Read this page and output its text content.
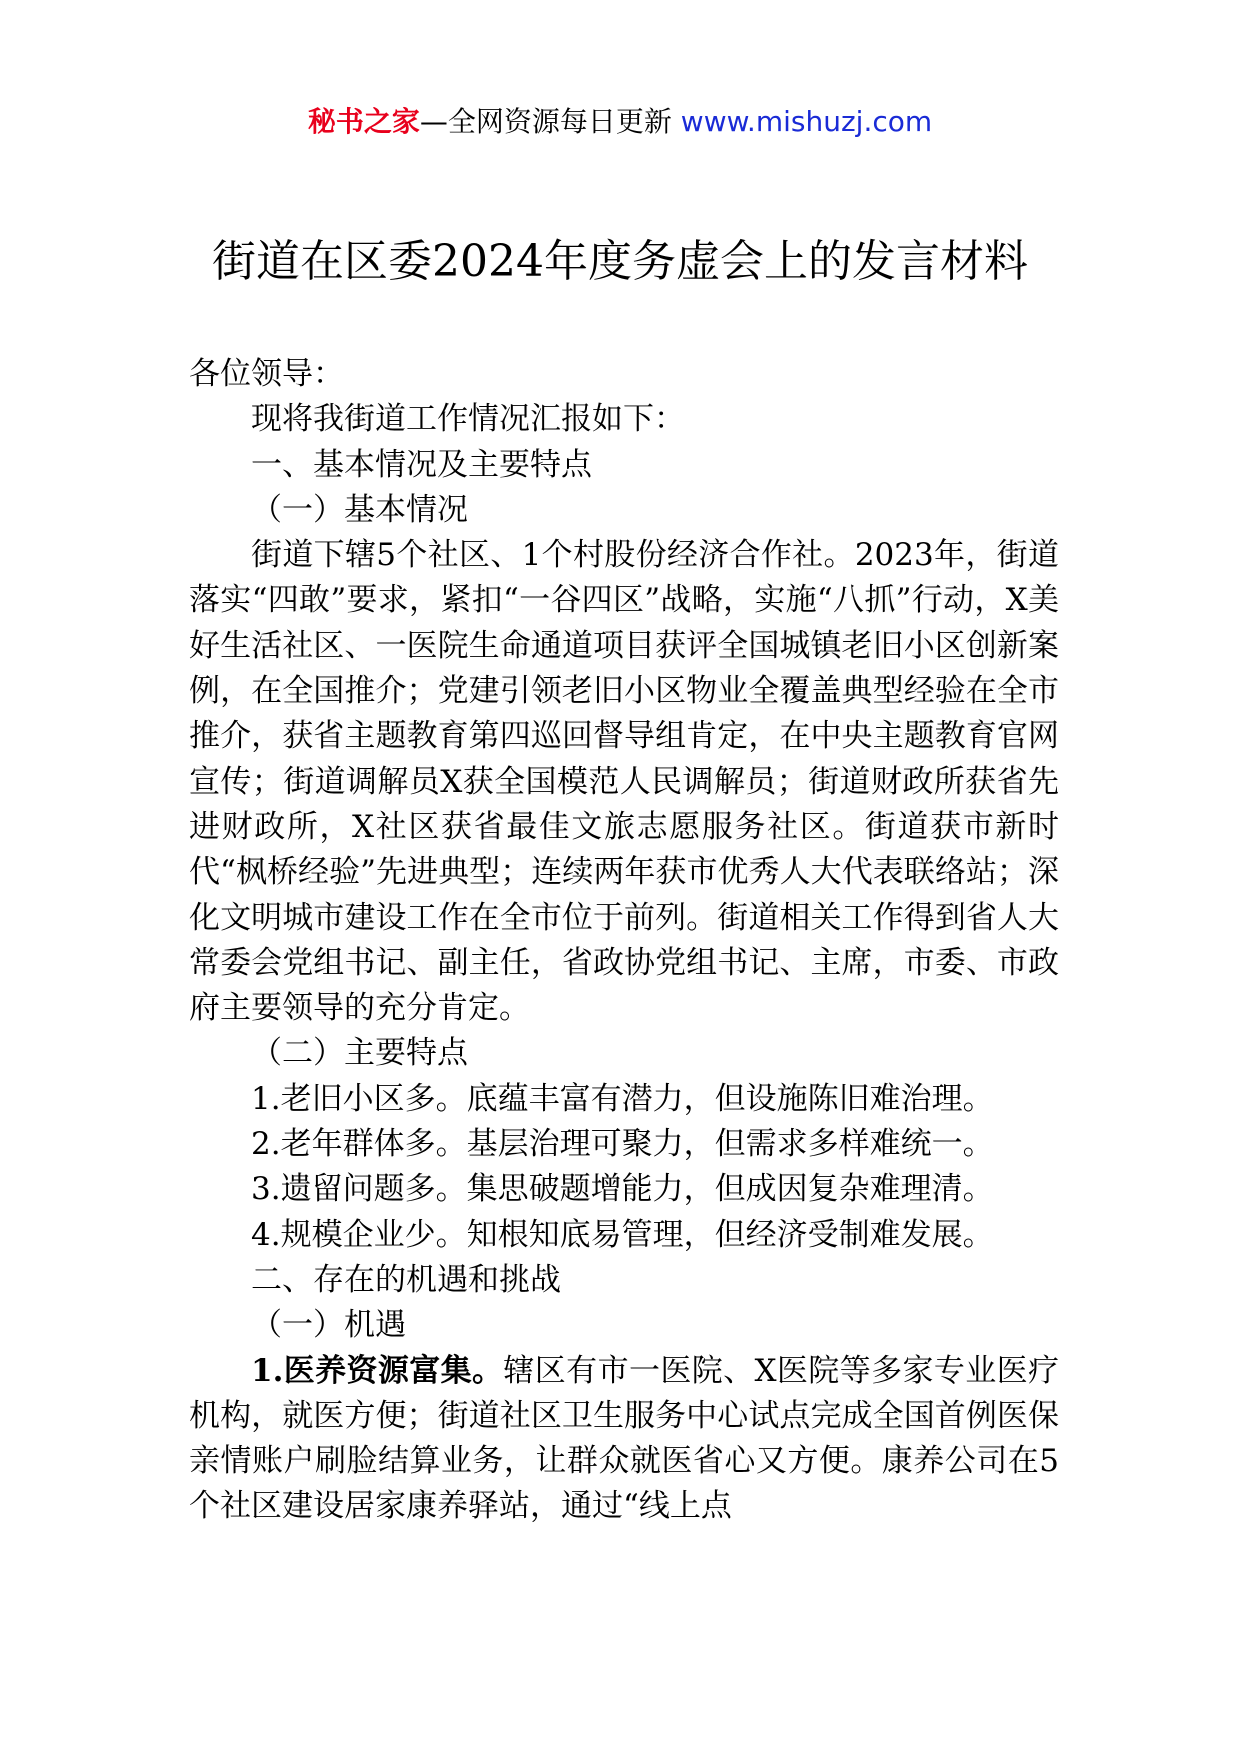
秘书之家—全网资源每日更新 www.mishuzj.com
街道在区委2024年度务虚会上的发言材料

各位领导：

现将我街道工作情况汇报如下：

一、基本情况及主要特点

（一）基本情况

街道下辖5个社区、1个村股份经济合作社。2023年，街道落实“四敢”要求，紧扣“一谷四区”战略，实施“八抓”行动，X美好生活社区、一医院生命通道项目获评全国城镇老旧小区创新案例，在全国推介；党建引领老旧小区物业全覆盖典型经验在全市推介，获省主题教育第四巡回督导组肯定，在中央主题教育官网宣传；街道调解员X获全国模范人民调解员；街道财政所获省先进财政所，X社区获省最佳文旅志愿服务社区。街道获市新时代“枫桥经验”先进典型；连续两年获市优秀人大代表联络站；深化文明城市建设工作在全市位于前列。街道相关工作得到省人大常委会党组书记、副主任，省政协党组书记、主席，市委、市政府主要领导的充分肯定。

（二）主要特点

1.老旧小区多。底蕴丰富有潜力，但设施陈旧难治理。

2.老年群体多。基层治理可聚力，但需求多样难统一。

3.遗留问题多。集思破题增能力，但成因复杂难理清。

4.规模企业少。知根知底易管理，但经济受制难发展。

二、存在的机遇和挑战

（一）机遇

1.医养资源富集。辖区有市一医院、X医院等多家专业医疗机构，就医方便；街道社区卫生服务中心试点完成全国首例医保亲情账户刷脸结算业务，让群众就医省心又方便。康养公司在5个社区建设居家康养驿站，通过“线上点
